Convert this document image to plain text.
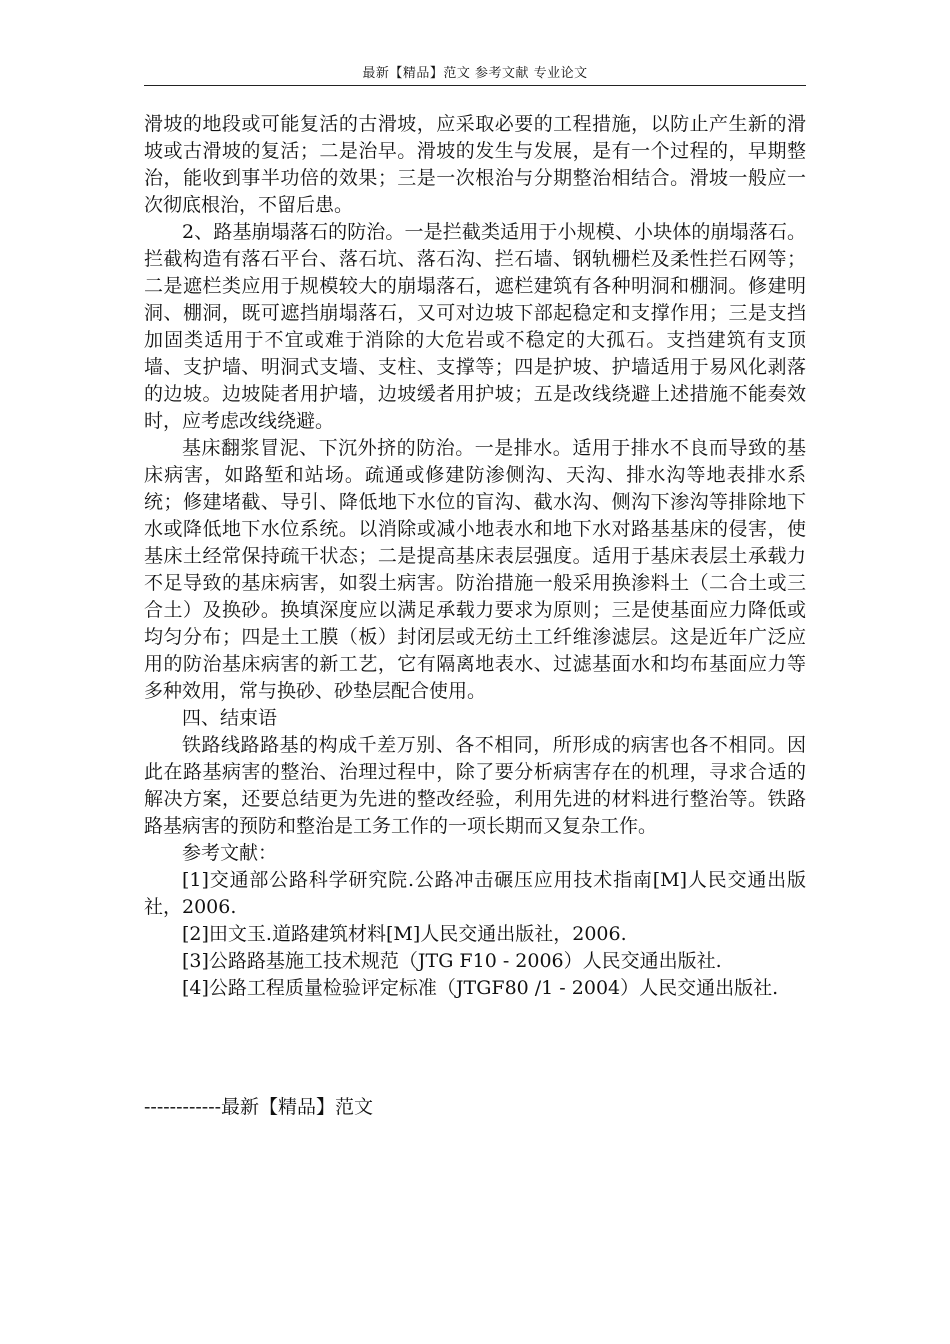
最新【精品】范文 参考文献 专业论文

滑坡的地段或可能复活的古滑坡，应采取必要的工程措施，以防止产生新的滑坡或古滑坡的复活；二是治早。滑坡的发生与发展，是有一个过程的，早期整治，能收到事半功倍的效果；三是一次根治与分期整治相结合。滑坡一般应一次彻底根治，不留后患。

2、路基崩塌落石的防治。一是拦截类适用于小规模、小块体的崩塌落石。拦截构造有落石平台、落石坑、落石沟、拦石墙、钢轨栅栏及柔性拦石网等；二是遮栏类应用于规模较大的崩塌落石，遮栏建筑有各种明洞和棚洞。修建明洞、棚洞，既可遮挡崩塌落石，又可对边坡下部起稳定和支撑作用；三是支挡加固类适用于不宜或难于消除的大危岩或不稳定的大孤石。支挡建筑有支顶墙、支护墙、明洞式支墙、支柱、支撑等；四是护坡、护墙适用于易风化剥落的边坡。边坡陡者用护墙，边坡缓者用护坡；五是改线绕避上述措施不能奏效时，应考虑改线绕避。

基床翻浆冒泥、下沉外挤的防治。一是排水。适用于排水不良而导致的基床病害，如路堑和站场。疏通或修建防渗侧沟、天沟、排水沟等地表排水系统；修建堵截、导引、降低地下水位的盲沟、截水沟、侧沟下渗沟等排除地下水或降低地下水位系统。以消除或减小地表水和地下水对路基基床的侵害，使基床土经常保持疏干状态；二是提高基床表层强度。适用于基床表层土承载力不足导致的基床病害，如裂土病害。防治措施一般采用换渗料土（二合土或三合土）及换砂。换填深度应以满足承载力要求为原则；三是使基面应力降低或均匀分布；四是土工膜（板）封闭层或无纺土工纤维渗滤层。这是近年广泛应用的防治基床病害的新工艺，它有隔离地表水、过滤基面水和均布基面应力等多种效用，常与换砂、砂垫层配合使用。

四、结束语

铁路线路路基的构成千差万别、各不相同，所形成的病害也各不相同。因此在路基病害的整治、治理过程中，除了要分析病害存在的机理，寻求合适的解决方案，还要总结更为先进的整改经验，利用先进的材料进行整治等。铁路路基病害的预防和整治是工务工作的一项长期而又复杂工作。

参考文献：

[1]交通部公路科学研究院.公路冲击碾压应用技术指南[M]人民交通出版社，2006.

[2]田文玉.道路建筑材料[M]人民交通出版社，2006.

[3]公路路基施工技术规范（JTG F10 - 2006）人民交通出版社.

[4]公路工程质量检验评定标准（JTGF80 /1 - 2004）人民交通出版社.

------------最新【精品】范文
